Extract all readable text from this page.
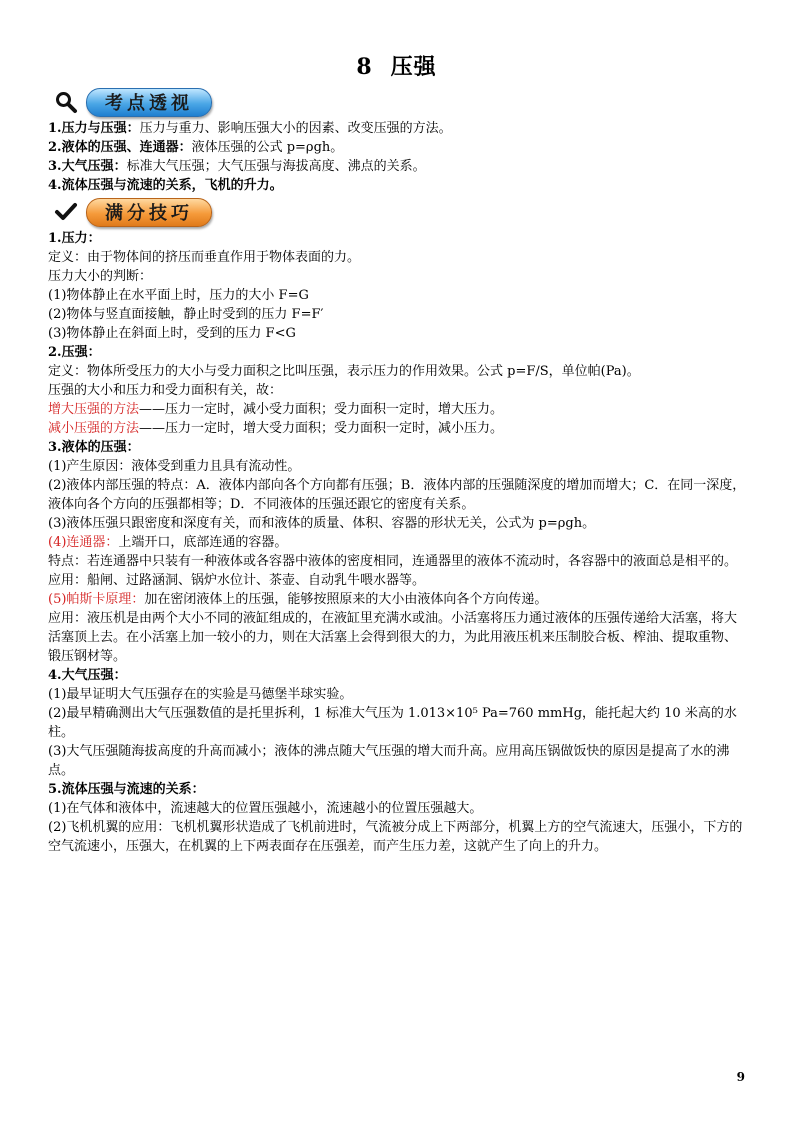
8 压强
考点透视
1.压力与压强：压力与重力、影响压强大小的因素、改变压强的方法。
2.液体的压强、连通器：液体压强的公式 p=ρgh。
3.大气压强：标准大气压强；大气压强与海拔高度、沸点的关系。
4.流体压强与流速的关系，飞机的升力。
满分技巧
1.压力：
定义：由于物体间的挤压而垂直作用于物体表面的力。
压力大小的判断：
(1)物体静止在水平面上时，压力的大小 F=G
(2)物体与竖直面接触，静止时受到的压力 F=F′
(3)物体静止在斜面上时，受到的压力 F<G
2.压强：
定义：物体所受压力的大小与受力面积之比叫压强，表示压力的作用效果。公式 p=F/S，单位帕(Pa)。
压强的大小和压力和受力面积有关，故：
增大压强的方法——压力一定时，减小受力面积；受力面积一定时，增大压力。
减小压强的方法——压力一定时，增大受力面积；受力面积一定时，减小压力。
3.液体的压强：
(1)产生原因：液体受到重力且具有流动性。
(2)液体内部压强的特点：A．液体内部向各个方向都有压强；B．液体内部的压强随深度的增加而增大；C．在同一深度，液体向各个方向的压强都相等；D．不同液体的压强还跟它的密度有关系。
(3)液体压强只跟密度和深度有关，而和液体的质量、体积、容器的形状无关，公式为 p=ρgh。
(4)连通器：上端开口，底部连通的容器。
特点：若连通器中只装有一种液体或各容器中液体的密度相同，连通器里的液体不流动时，各容器中的液面总是相平的。
应用：船闸、过路涵洞、锅炉水位计、茶壶、自动乳牛喂水器等。
(5)帕斯卡原理：加在密闭液体上的压强，能够按照原来的大小由液体向各个方向传递。
应用：液压机是由两个大小不同的液缸组成的，在液缸里充满水或油。小活塞将压力通过液体的压强传递给大活塞，将大活塞顶上去。在小活塞上加一较小的力，则在大活塞上会得到很大的力，为此用液压机来压制胶合板、榨油、提取重物、锻压钢材等。
4.大气压强：
(1)最早证明大气压强存在的实验是马德堡半球实验。
(2)最早精确测出大气压强数值的是托里拆利，1 标准大气压为 1.013×10⁵ Pa=760 mmHg，能托起大约 10 米高的水柱。
(3)大气压强随海拔高度的升高而减小；液体的沸点随大气压强的增大而升高。应用高压锅做饭快的原因是提高了水的沸点。
5.流体压强与流速的关系：
(1)在气体和液体中，流速越大的位置压强越小，流速越小的位置压强越大。
(2)飞机机翼的应用：飞机机翼形状造成了飞机前进时，气流被分成上下两部分，机翼上方的空气流速大，压强小，下方的空气流速小，压强大，在机翼的上下两表面存在压强差，而产生压力差，这就产生了向上的升力。
9
